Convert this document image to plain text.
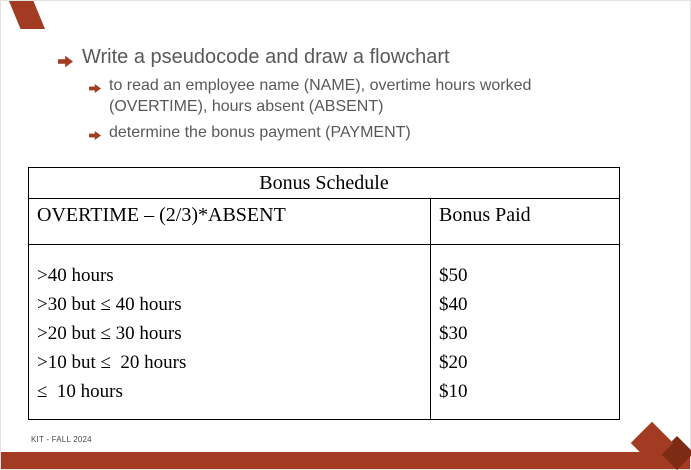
Write a pseudocode and draw a flowchart
to read an employee name (NAME), overtime hours worked (OVERTIME), hours absent (ABSENT)
determine the bonus payment (PAYMENT)
Bonus Schedule
OVERTIME – (2/3)*ABSENT	Bonus Paid
>40 hours
>30 but ≤ 40 hours
>20 but ≤ 30 hours
>10 but ≤  20 hours
≤  10 hours
$50
$40
$30
$20
$10
KIT - FALL 2024
